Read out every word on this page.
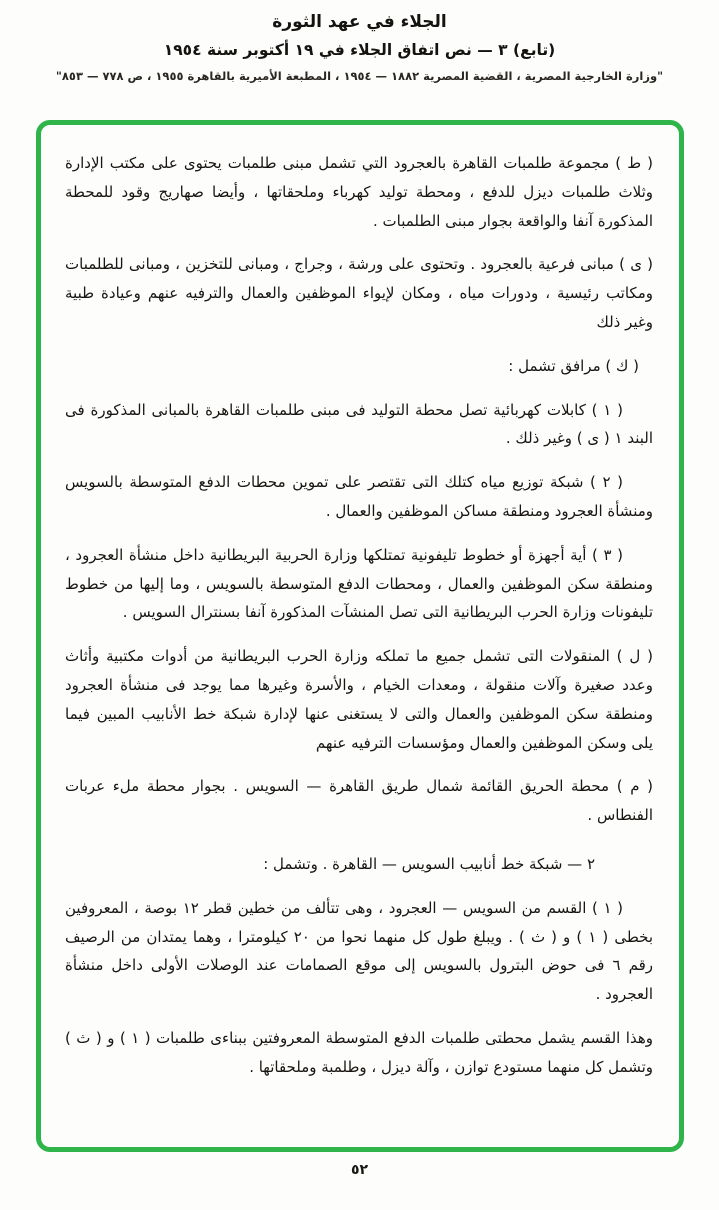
الجلاء في عهد الثورة
(تابع) ٣ — نص اتفاق الجلاء في ١٩ أكتوبر سنة ١٩٥٤
"وزارة الخارجية المصرية ، القضية المصرية ١٨٨٢ — ١٩٥٤ ، المطبعة الأميرية بالقاهرة ١٩٥٥ ، ص ٧٧٨ — ٨٥٣"
( ط ) مجموعة طلمبات القاهرة بالعجرود التي تشمل مبنى طلمبات يحتوى على مكتب الإدارة وثلاث طلمبات ديزل للدفع ، ومحطة توليد كهرباء وملحقاتها ، وأيضا صهاريج وقود للمحطة المذكورة آنفا والواقعة بجوار مبنى الطلمبات .
( ى ) مبانى فرعية بالعجرود . وتحتوى على ورشة ، وجراج ، ومبانى للتخزين ، ومبانى للطلمبات ومكاتب رئيسية ، ودورات مياه ، ومكان لإيواء الموظفين والعمال والترفيه عنهم وعيادة طبية وغير ذلك
( ك ) مرافق تشمل :
( ١ ) كابلات كهربائية تصل محطة التوليد فى مبنى طلمبات القاهرة بالمبانى المذكورة فى البند ١ ( ى ) وغير ذلك .
( ٢ ) شبكة توزيع مياه كتلك التى تقتصر على تموين محطات الدفع المتوسطة بالسويس ومنشأة العجرود ومنطقة مساكن الموظفين والعمال .
( ٣ ) أية أجهزة أو خطوط تليفونية تمتلكها وزارة الحربية البريطانية داخل منشأة العجرود ، ومنطقة سكن الموظفين والعمال ، ومحطات الدفع المتوسطة بالسويس ، وما إليها من خطوط تليفونات وزارة الحرب البريطانية التى تصل المنشآت المذكورة آنفا بسنترال السويس .
( ل ) المنقولات التى تشمل جميع ما تملكه وزارة الحرب البريطانية من أدوات مكتبية وأثاث وعدد صغيرة وآلات منقولة ، ومعدات الخيام ، والأسرة وغيرها مما يوجد فى منشأة العجرود ومنطقة سكن الموظفين والعمال والتى لا يستغنى عنها لإدارة شبكة خط الأنابيب المبين فيما يلى وسكن الموظفين والعمال ومؤسسات الترفيه عنهم
( م ) محطة الحريق القائمة شمال طريق القاهرة — السويس . بجوار محطة ملء عربات الفنطاس .
٢ — شبكة خط أنابيب السويس — القاهرة . وتشمل :
( ١ ) القسم من السويس — العجرود ، وهى تتألف من خطين قطر ١٢ بوصة ، المعروفين بخطى ( ١ ) و ( ث ) . ويبلغ طول كل منهما نحوا من ٢٠ كيلومترا ، وهما يمتدان من الرصيف رقم ٦ فى حوض البترول بالسويس إلى موقع الصمامات عند الوصلات الأولى داخل منشأة العجرود .
وهذا القسم يشمل محطتى طلمبات الدفع المتوسطة المعروفتين ببناءى طلمبات ( ١ ) و ( ث ) وتشمل كل منهما مستودع توازن ، وآلة ديزل ، وطلمبة وملحقاتها .
٥٢
